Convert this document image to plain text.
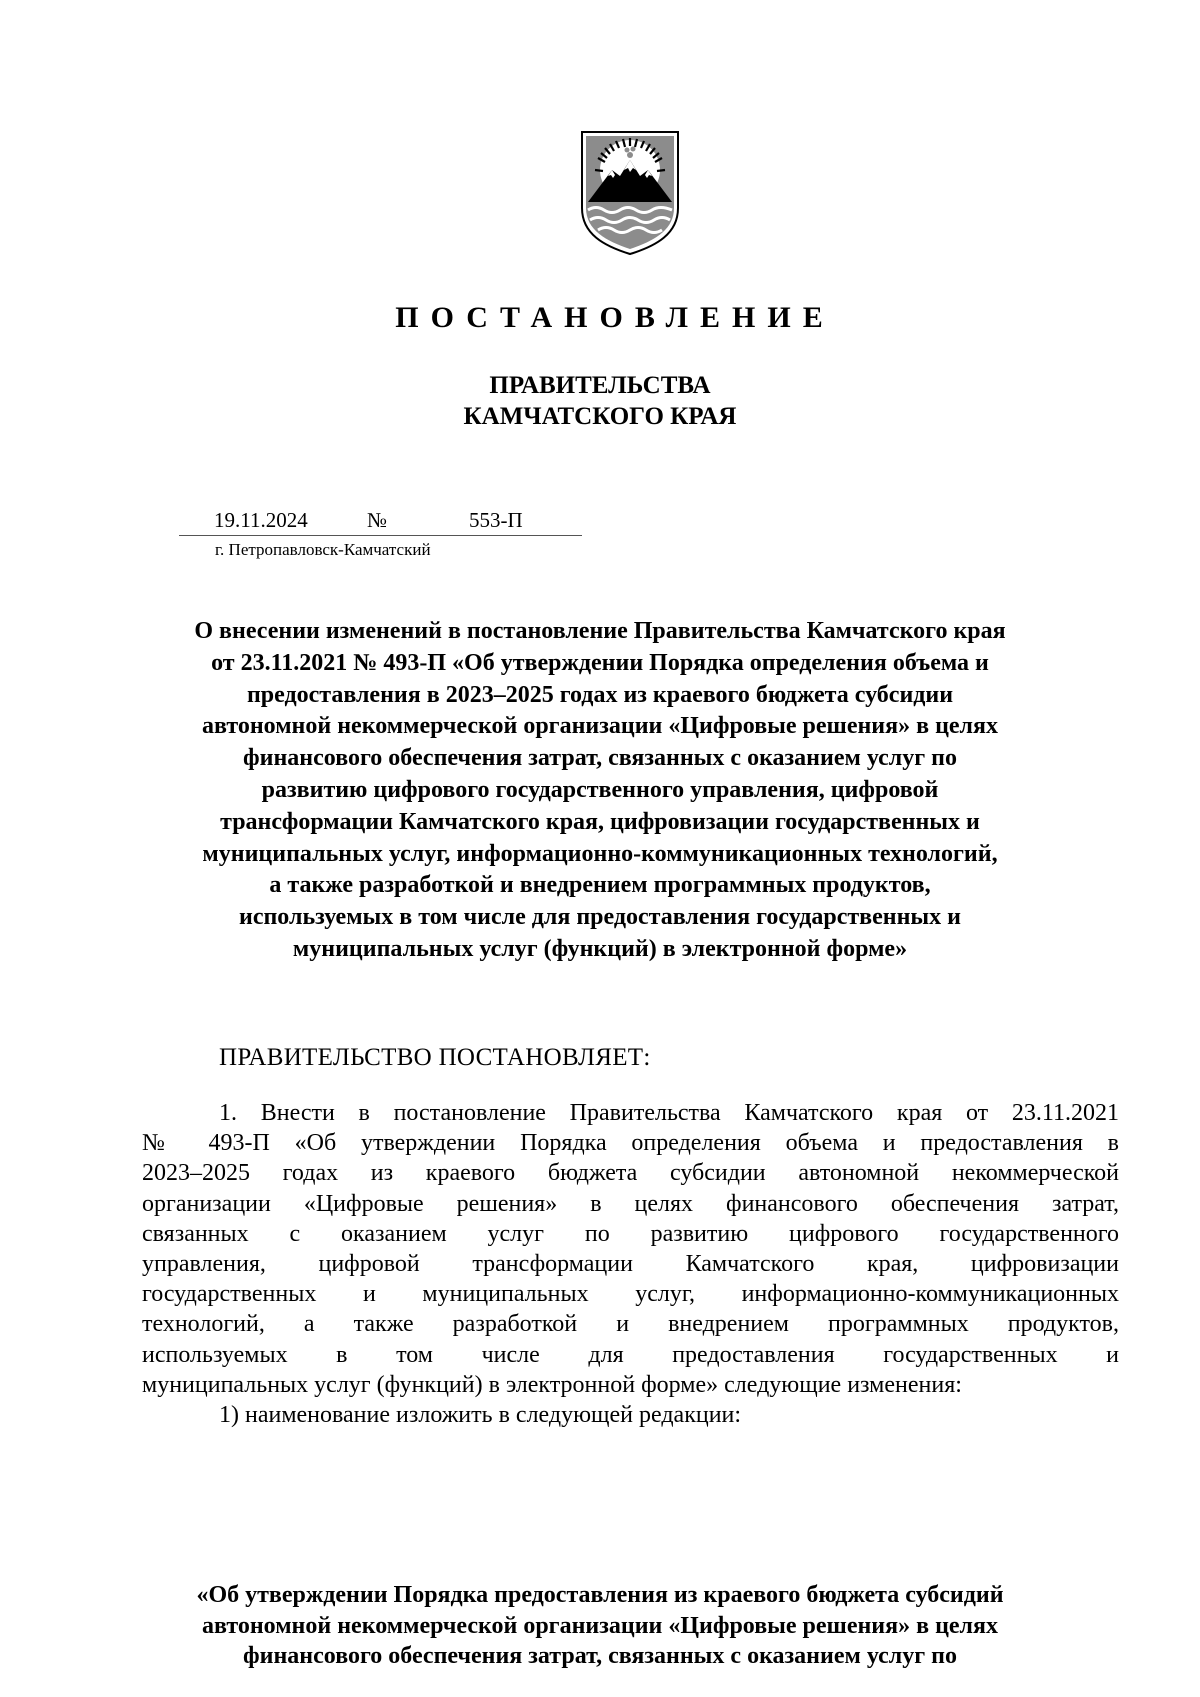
ПОСТАНОВЛЕНИЕ
ПРАВИТЕЛЬСТВА
КАМЧАТСКОГО КРАЯ
19.11.2024	№	553-П
г. Петропавловск-Камчатский
О внесении изменений в постановление Правительства Камчатского края
от 23.11.2021 № 493-П «Об утверждении Порядка определения объема и
предоставления в 2023–2025 годах из краевого бюджета субсидии
автономной некоммерческой организации «Цифровые решения» в целях
финансового обеспечения затрат, связанных с оказанием услуг по
развитию цифрового государственного управления, цифровой
трансформации Камчатского края, цифровизации государственных и
муниципальных услуг, информационно-коммуникационных технологий,
а также разработкой и внедрением программных продуктов,
используемых в том числе для предоставления государственных и
муниципальных услуг (функций) в электронной форме»
ПРАВИТЕЛЬСТВО ПОСТАНОВЛЯЕТ:
1. Внести в постановление Правительства Камчатского края от 23.11.2021
№ 493-П «Об утверждении Порядка определения объема и предоставления в
2023–2025 годах из краевого бюджета субсидии автономной некоммерческой
организации «Цифровые решения» в целях финансового обеспечения затрат,
связанных с оказанием услуг по развитию цифрового государственного
управления, цифровой трансформации Камчатского края, цифровизации
государственных и муниципальных услуг, информационно-коммуникационных
технологий, а также разработкой и внедрением программных продуктов,
используемых в том числе для предоставления государственных и
муниципальных услуг (функций) в электронной форме» следующие изменения:
1) наименование изложить в следующей редакции:
«Об утверждении Порядка предоставления из краевого бюджета субсидий
автономной некоммерческой организации «Цифровые решения» в целях
финансового обеспечения затрат, связанных с оказанием услуг по
